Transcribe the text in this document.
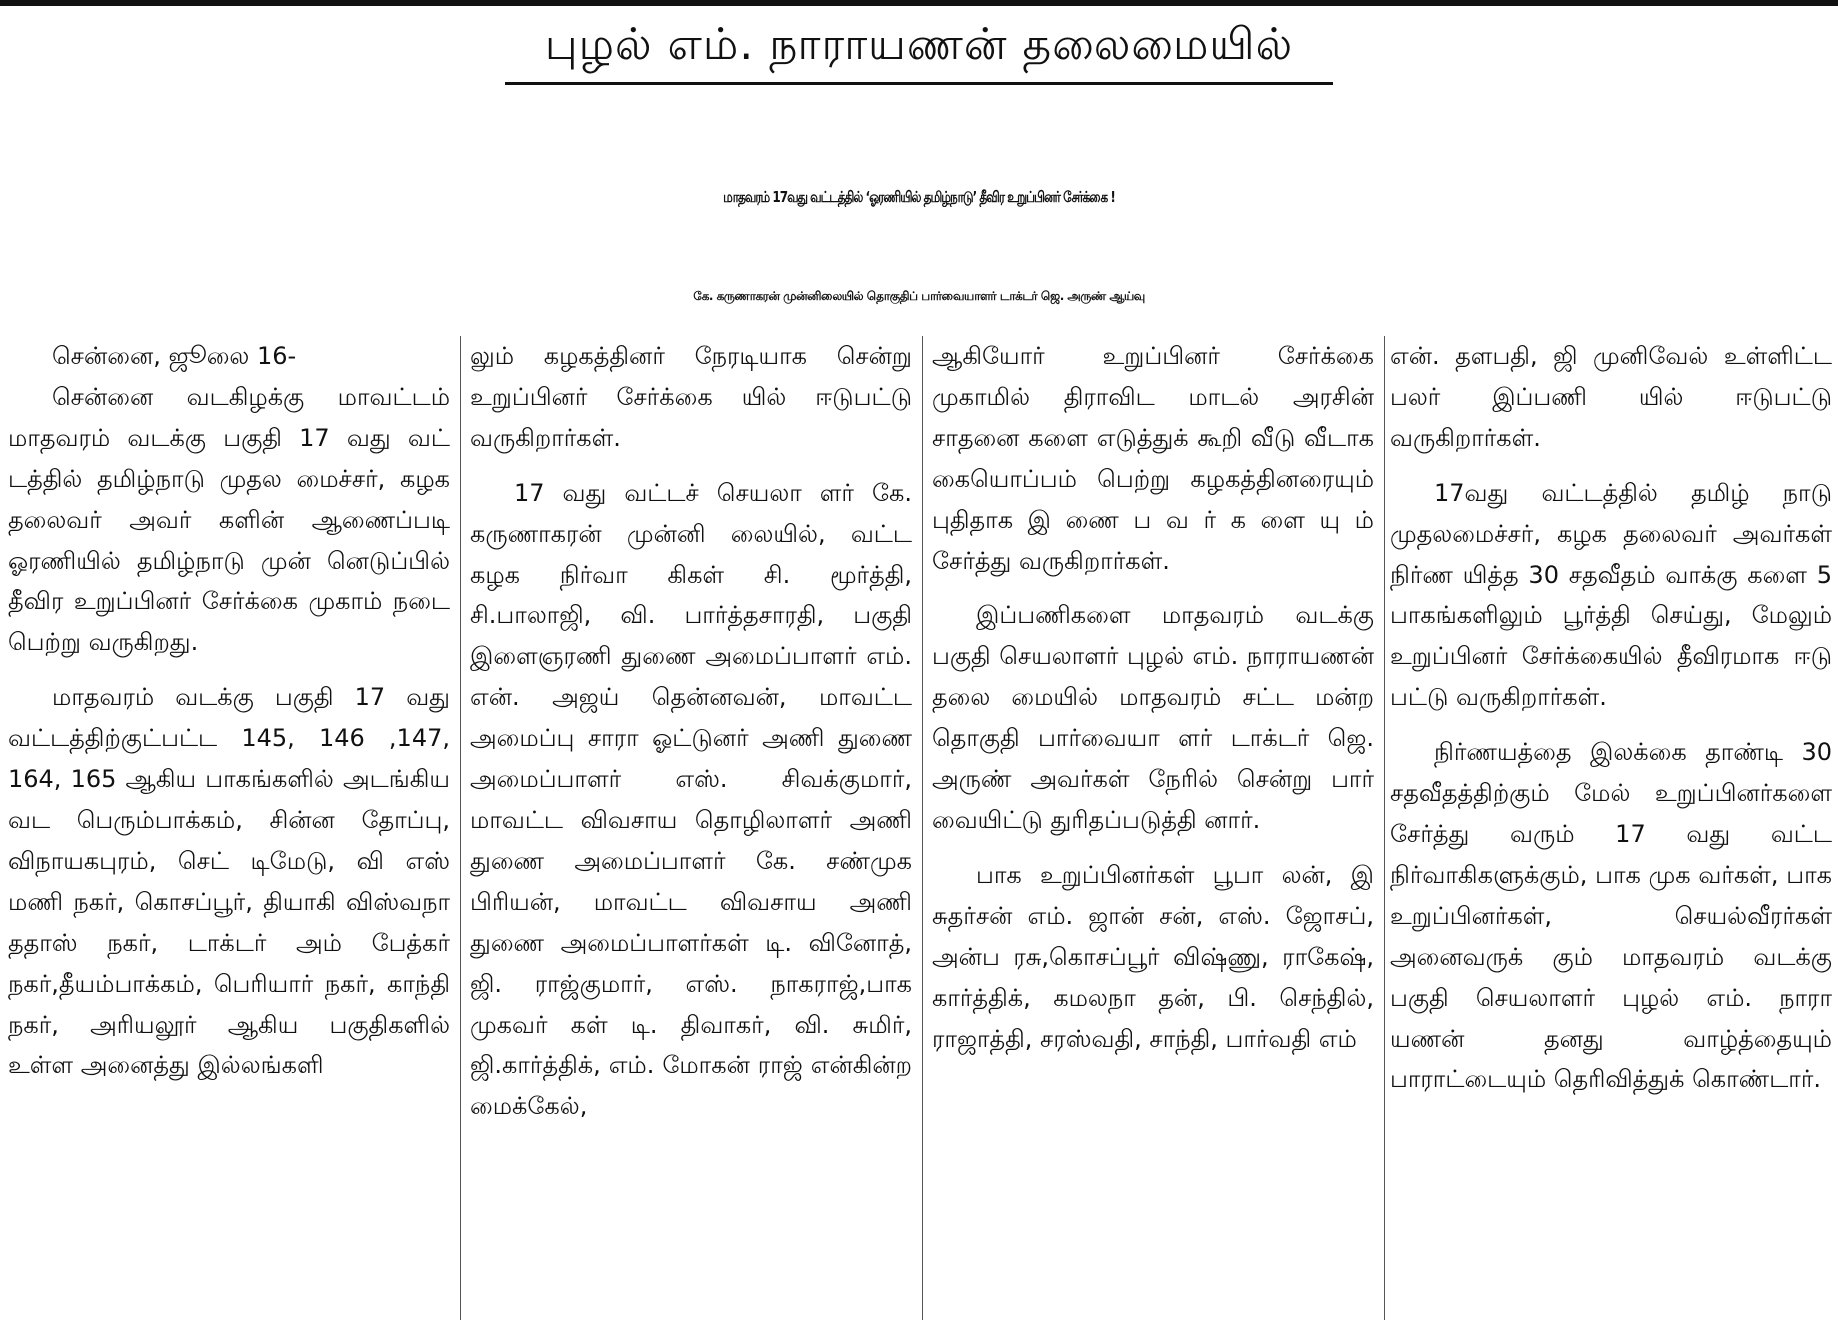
புழல் எம். நாராயணன் தலைமையில்
மாதவரம் 17வது வட்டத்தில் ‘ஓரணியில் தமிழ்நாடு’ தீவிர உறுப்பினர் சேர்க்கை !
கே. கருணாகரன் முன்னிலையில் தொகுதிப் பார்வையாளர் டாக்டர் ஜெ. அருண் ஆய்வு

சென்னை, ஜூலை 16-

சென்னை வடகிழக்கு மாவட்டம் மாதவரம் வடக்கு பகுதி 17 வது வட் டத்தில் தமிழ்நாடு முதல மைச்சர், கழக தலைவர் அவர் களின் ஆணைப்படி ஓரணியில் தமிழ்நாடு முன் னெடுப்பில் தீவிர உறுப்பினர் சேர்க்கை முகாம் நடை பெற்று வருகிறது.

மாதவரம் வடக்கு பகுதி 17 வது வட்டத்திற்குட்பட்ட 145, 146 ,147, 164, 165 ஆகிய பாகங்களில் அடங்கிய வட பெரும்பாக்கம், சின்ன தோப்பு, விநாயகபுரம், செட் டிமேடு, வி எஸ் மணி நகர், கொசப்பூர், தியாகி விஸ்வநா ததாஸ் நகர், டாக்டர் அம் பேத்கர் நகர்,தீயம்பாக்கம், பெரியார் நகர், காந்தி நகர், அரியலூர் ஆகிய பகுதிகளில் உள்ள அனைத்து இல்லங்களி

லும் கழகத்தினர் நேரடியாக சென்று உறுப்பினர் சேர்க்கை யில் ஈடுபட்டு வருகிறார்கள்.

17 வது வட்டச் செயலா ளர் கே. கருணாகரன் முன்னி லையில், வட்ட கழக நிர்வா கிகள் சி. மூர்த்தி, சி.பாலாஜி, வி. பார்த்தசாரதி, பகுதி இளைஞரணி துணை அமைப்பாளர் எம். என். அஜய் தென்னவன், மாவட்ட அமைப்பு சாரா ஓட்டுனர் அணி துணை அமைப்பாளர் எஸ். சிவக்குமார், மாவட்ட விவசாய தொழிலாளர் அணி துணை அமைப்பாளர் கே. சண்முக பிரியன், மாவட்ட விவசாய அணி துணை அமைப்பாளர்கள் டி. வினோத், ஜி. ராஜ்குமார், எஸ். நாகராஜ்,பாக முகவர் கள் டி. திவாகர், வி. சுமிர், ஜி.கார்த்திக், எம். மோகன் ராஜ் என்கின்ற மைக்கேல்,

ஆகியோர் உறுப்பினர் சேர்க்கை முகாமில் திராவிட மாடல் அரசின் சாதனை களை எடுத்துக் கூறி வீடு வீடாக கையொப்பம் பெற்று கழகத்தினரையும் புதிதாக இ ணை ப வ ர் க ளை யு ம் சேர்த்து வருகிறார்கள்.

இப்பணிகளை மாதவரம் வடக்கு பகுதி செயலாளர் புழல் எம். நாராயணன் தலை மையில் மாதவரம் சட்ட மன்ற தொகுதி பார்வையா ளர் டாக்டர் ஜெ. அருண் அவர்கள் நேரில் சென்று பார் வையிட்டு துரிதப்படுத்தி னார்.

பாக உறுப்பினர்கள் பூபா லன், இ சுதர்சன் எம். ஜான் சன், எஸ். ஜோசப், அன்ப ரசு,கொசப்பூர் விஷ்ணு, ராகேஷ், கார்த்திக், கமலநா தன், பி. செந்தில், ராஜாத்தி, சரஸ்வதி, சாந்தி, பார்வதி எம்

என். தளபதி, ஜி முனிவேல் உள்ளிட்ட பலர் இப்பணி யில் ஈடுபட்டு வருகிறார்கள்.

17வது வட்டத்தில் தமிழ் நாடு முதலமைச்சர், கழக தலைவர் அவர்கள் நிர்ண யித்த 30 சதவீதம் வாக்கு களை 5 பாகங்களிலும் பூர்த்தி செய்து, மேலும் உறுப்பினர் சேர்க்கையில் தீவிரமாக ஈடு பட்டு வருகிறார்கள்.

நிர்ணயத்தை இலக்கை தாண்டி 30 சதவீதத்திற்கும் மேல் உறுப்பினர்களை சேர்த்து வரும் 17 வது வட்ட நிர்வாகிகளுக்கும், பாக முக வர்கள், பாக உறுப்பினர்கள், செயல்வீரர்கள் அனைவருக் கும் மாதவரம் வடக்கு பகுதி செயலாளர் புழல் எம். நாரா யணன் தனது வாழ்த்தையும் பாராட்டையும் தெரிவித்துக் கொண்டார்.
